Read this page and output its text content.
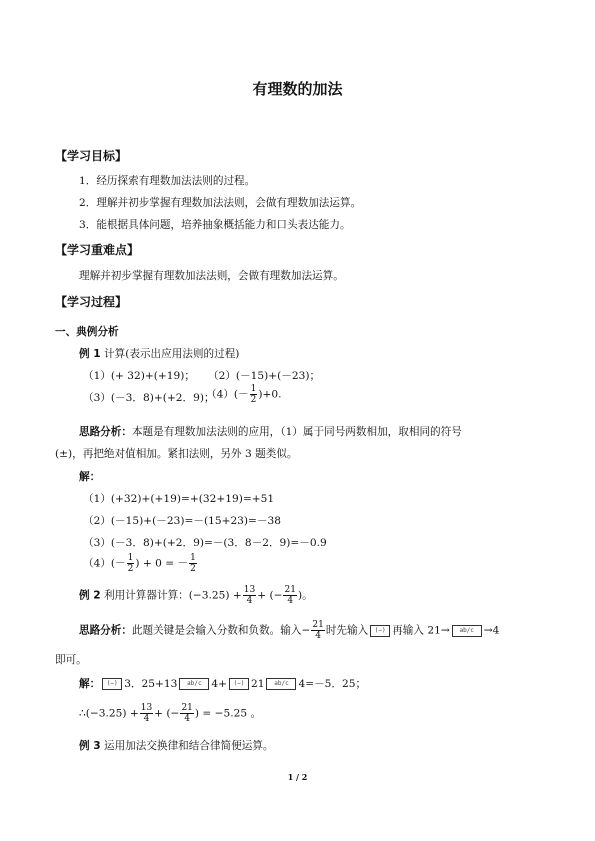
有理数的加法
【学习目标】
1．经历探索有理数加法法则的过程。
2．理解并初步掌握有理数加法法则，会做有理数加法运算。
3．能根据具体问题，培养抽象概括能力和口头表达能力。
【学习重难点】
理解并初步掌握有理数加法法则，会做有理数加法运算。
【学习过程】
一、典例分析
例 1 计算(表示出应用法则的过程)
（1）(+ 32)+(+19)； （2）(－15)+(－23)；
（3）(－3．8)+(+2．9)；
$(4)(- \frac{1}{2} )+0$.
思路分析：本题是有理数加法法则的应用，（1）属于同号两数相加，取相同的符号
(±)，再把绝对值相加。紧扣法则，另外 3 题类似。
解：
（1）(+32)+(+19)=+(32+19)=+51
（2）(－15)+(－23)=－(15+23)=－38
（3）(－3．8)+(+2．9)=－(3．8－2．9)=－0.9
$(4)(- \frac{1}{2}$ ) + 0 = － $\frac{1}{2}$
例 2 利用计算器计算：$(-3.25) + \frac{13}{4}$ + (− $\frac{21}{4}$ )。
思路分析：此题关键是会输入分数和负数。输入− $\frac{21}{4}$ 时先输入 (−) 再输入 21→ ab/c →4
即可。
解： (−) 3．25+13 ab/c 4+ (−) 21 ab/c 4=－5．25；
∴(−3.25) + $\frac{13}{4}$ + (− $\frac{21}{4}$ ) = −5.25 。
例 3 运用加法交换律和结合律简便运算。
1 / 2
